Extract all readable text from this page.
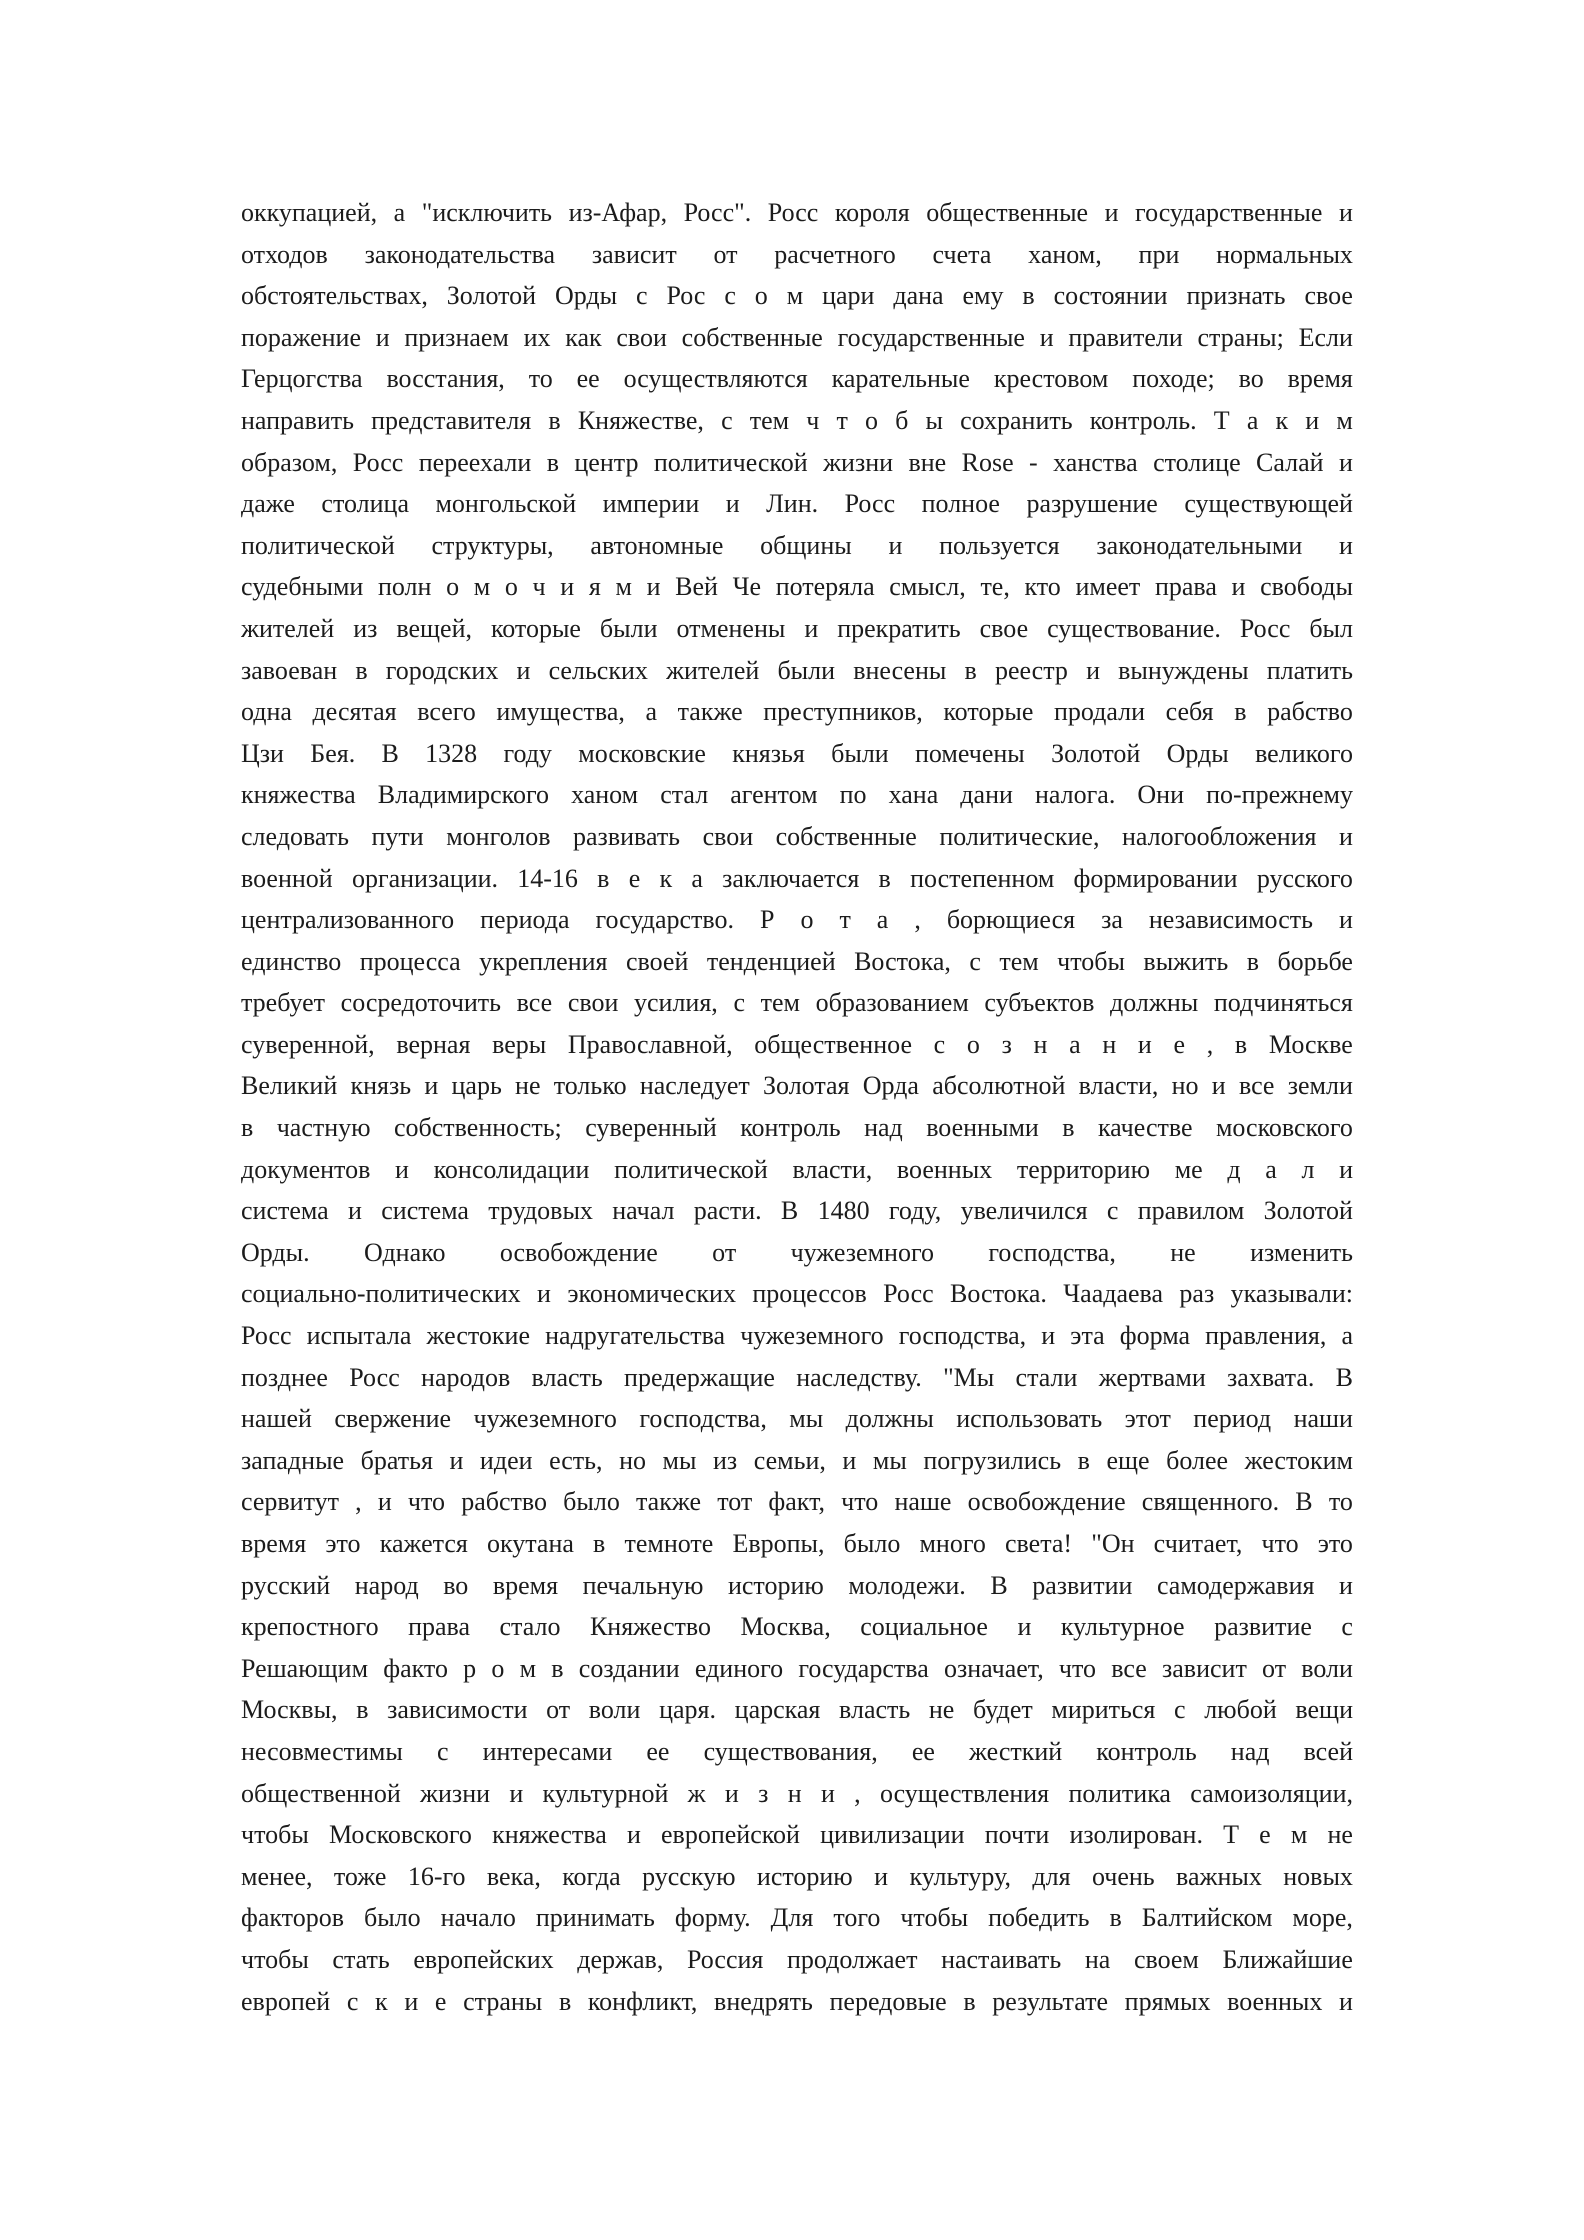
оккупацией, а "исключить из-Афар, Росс". Росс короля общественные и государственные и
отходов законодательства зависит от расчетного счета ханом, при нормальных
обстоятельствах, Золотой Орды с Рос с о м цари дана ему в состоянии признать свое
поражение и признаем их как свои собственные государственные и правители страны; Если
Герцогства восстания, то ее осуществляются карательные крестовом походе; во время
направить представителя в Княжестве, с тем ч т о б ы сохранить контроль. Т а к и м
образом, Росс переехали в центр политической жизни вне Rose - ханства столице Салай и
даже столица монгольской империи и Лин. Росс полное разрушение существующей
политической структуры, автономные общины и пользуется законодательными и
судебными полн о м о ч и я м и Вей Че потеряла смысл, те, кто имеет права и свободы
жителей из вещей, которые были отменены и прекратить свое существование. Росс был
завоеван в городских и сельских жителей были внесены в реестр и вынуждены платить
одна десятая всего имущества, а также преступников, которые продали себя в рабство
Цзи Бея. В 1328 году московские князья были помечены Золотой Орды великого
княжества Владимирского ханом стал агентом по хана дани налога. Они по-прежнему
следовать пути монголов развивать свои собственные политические, налогообложения и
военной организации. 14-16 в е к а заключается в постепенном формировании русского
централизованного периода государство. Р о т а , борющиеся за независимость и
единство процесса укрепления своей тенденцией Востока, с тем чтобы выжить в борьбе
требует сосредоточить все свои усилия, с тем образованием субъектов должны подчиняться
суверенной, верная веры Православной, общественное с о з н а н и е , в Москве
Великий князь и царь не только наследует Золотая Орда абсолютной власти, но и все земли
в частную собственность; суверенный контроль над военными в качестве московского
документов и консолидации политической власти, военных территорию ме д а л и
система и система трудовых начал расти. В 1480 году, увеличился с правилом Золотой
Орды. Однако освобождение от чужеземного господства, не изменить
социально-политических и экономических процессов Росс Востока. Чаадаева раз указывали:
Росс испытала жестокие надругательства чужеземного господства, и эта форма правления, а
позднее Росс народов власть предержащие наследству. "Мы стали жертвами захвата. В
нашей свержение чужеземного господства, мы должны использовать этот период наши
западные братья и идеи есть, но мы из семьи, и мы погрузились в еще более жестоким
сервитут , и что рабство было также тот факт, что наше освобождение священного. В то
время это кажется окутана в темноте Европы, было много света! "Он считает, что это
русский народ во время печальную историю молодежи. В развитии самодержавия и
крепостного права стало Княжество Москва, социальное и культурное развитие с
Решающим факто р о м в создании единого государства означает, что все зависит от воли
Москвы, в зависимости от воли царя. царская власть не будет мириться с любой вещи
несовместимы с интересами ее существования, ее жесткий контроль над всей
общественной жизни и культурной ж и з н и , осуществления политика самоизоляции,
чтобы Московского княжества и европейской цивилизации почти изолирован. Т е м не
менее, тоже 16-го века, когда русскую историю и культуру, для очень важных новых
факторов было начало принимать форму. Для того чтобы победить в Балтийском море,
чтобы стать европейских держав, Россия продолжает настаивать на своем Ближайшие
европей с к и е страны в конфликт, внедрять передовые в результате прямых военных и
